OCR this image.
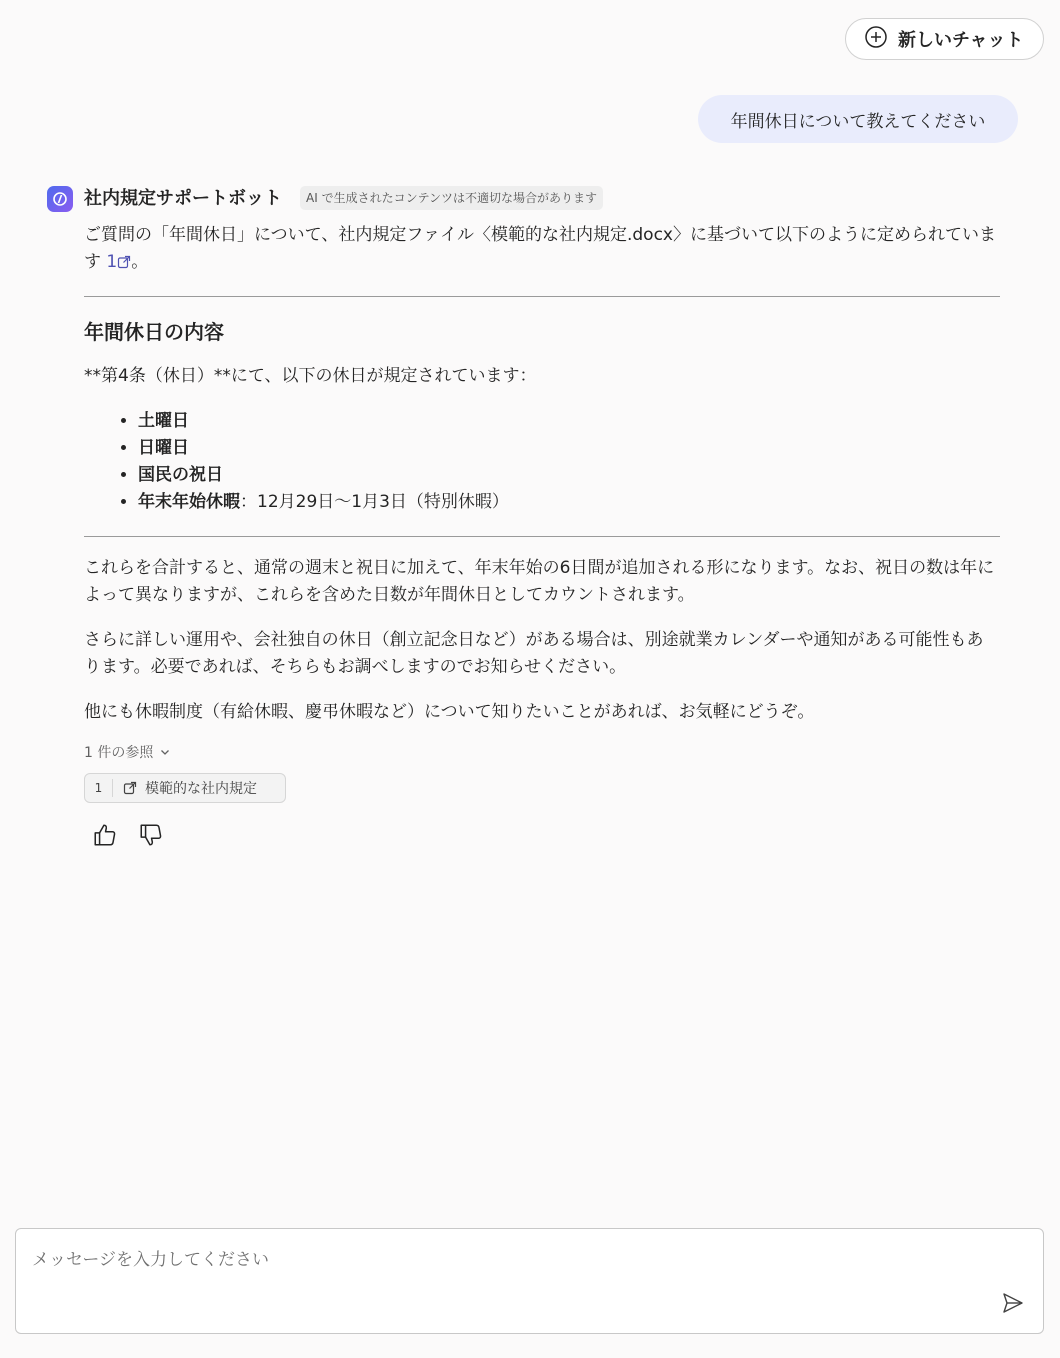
新しいチャット
年間休日について教えてください
社内規定サポートボット	AI で生成されたコンテンツは不適切な場合があります

ご質問の「年間休日」について、社内規定ファイル〈模範的な社内規定.docx〉に基づいて以下のように定められています 1 。

年間休日の内容

**第4条（休日）**にて、以下の休日が規定されています：

• 土曜日
• 日曜日
• 国民の祝日
• 年末年始休暇：12月29日〜1月3日（特別休暇）

これらを合計すると、通常の週末と祝日に加えて、年末年始の6日間が追加される形になります。なお、祝日の数は年によって異なりますが、これらを含めた日数が年間休日としてカウントされます。

さらに詳しい運用や、会社独自の休日（創立記念日など）がある場合は、別途就業カレンダーや通知がある可能性もあります。必要であれば、そちらもお調べしますのでお知らせください。

他にも休暇制度（有給休暇、慶弔休暇など）について知りたいことがあれば、お気軽にどうぞ。

1 件の参照
1	模範的な社内規定
メッセージを入力してください
